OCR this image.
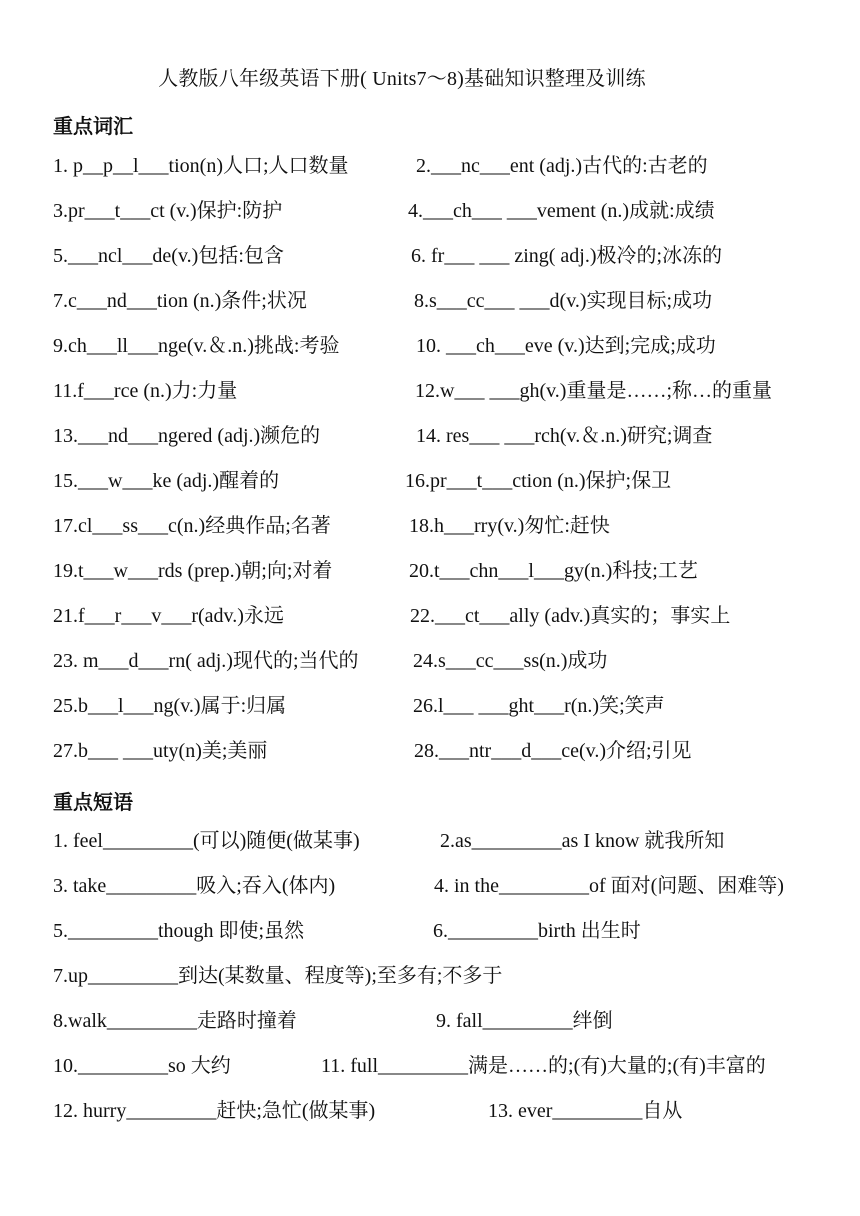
人教版八年级英语下册( Units7～8)基础知识整理及训练
重点词汇
1. p__p__l___tion(n)人口;人口数量	2.___nc___ent (adj.)古代的:古老的
3.pr___t___ct (v.)保护:防护	4.___ch___ ___vement (n.)成就:成绩
5.___ncl___de(v.)包括:包含	6. fr___ ___ zing( adj.)极冷的;冰冻的
7.c___nd___tion (n.)条件;状况	8.s___cc___ ___d(v.)实现目标;成功
9.ch___ll___nge(v.＆.n.)挑战:考验	10. ___ch___eve (v.)达到;完成;成功
11.f___rce (n.)力:力量	12.w___ ___gh(v.)重量是……;称…的重量
13.___nd___ngered (adj.)濒危的	14. res___ ___rch(v.＆.n.)研究;调查
15.___w___ke (adj.)醒着的	16.pr___t___ction (n.)保护;保卫
17.cl___ss___c(n.)经典作品;名著	18.h___rry(v.)匆忙:赶快
19.t___w___rds (prep.)朝;向;对着	20.t___chn___l___gy(n.)科技;工艺
21.f___r___v___r(adv.)永远	22.___ct___ally (adv.)真实的；事实上
23. m___d___rn( adj.)现代的;当代的	24.s___cc___ss(n.)成功
25.b___l___ng(v.)属于:归属	26.l___ ___ght___r(n.)笑;笑声
27.b___ ___uty(n)美;美丽	28.___ntr___d___ce(v.)介绍;引见
重点短语
1. feel_________(可以)随便(做某事)	2.as_________as I know 就我所知
3. take_________吸入;吞入(体内)	4. in the_________of 面对(问题、困难等)
5._________though 即使;虽然	6._________birth 出生时
7.up_________到达(某数量、程度等);至多有;不多于
8.walk_________走路时撞着	9. fall_________绊倒
10._________so 大约	11. full_________满是……的;(有)大量的;(有)丰富的
12. hurry_________赶快;急忙(做某事)	13. ever_________自从
